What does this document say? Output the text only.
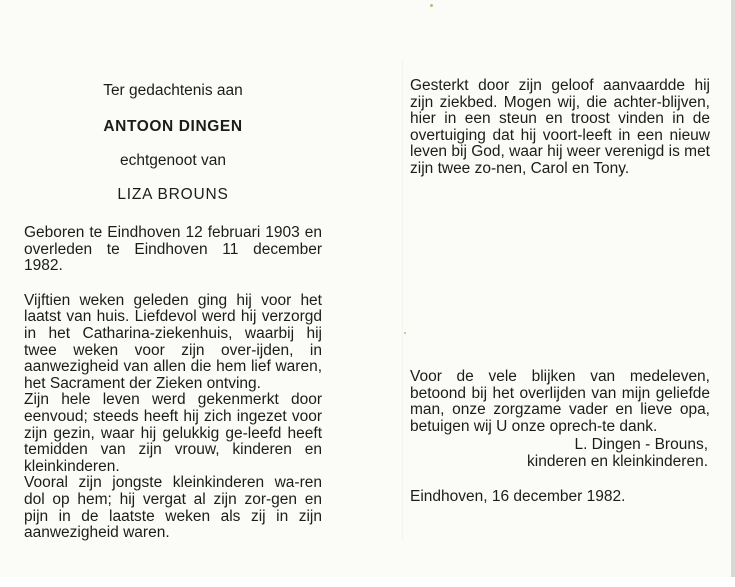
Ter gedachtenis aan
ANTOON DINGEN
echtgenoot van
LIZA BROUNS

Geboren te Eindhoven 12 februari 1903 en overleden te Eindhoven 11 december 1982.

Vijftien weken geleden ging hij voor het laatst van huis. Liefdevol werd hij verzorgd in het Catharina-ziekenhuis, waarbij hij twee weken voor zijn over-ijden, in aanwezigheid van allen die hem lief waren, het Sacrament der Zieken ontving.

Zijn hele leven werd gekenmerkt door eenvoud; steeds heeft hij zich ingezet voor zijn gezin, waar hij gelukkig ge-leefd heeft temidden van zijn vrouw, kinderen en kleinkinderen.

Vooral zijn jongste kleinkinderen wa-ren dol op hem; hij vergat al zijn zor-gen en pijn in de laatste weken als zij in zijn aanwezigheid waren.

Gesterkt door zijn geloof aanvaardde hij zijn ziekbed. Mogen wij, die achter-blijven, hier in een steun en troost vinden in de overtuiging dat hij voort-leeft in een nieuw leven bij God, waar hij weer verenigd is met zijn twee zo-nen, Carol en Tony.

Voor de vele blijken van medeleven, betoond bij het overlijden van mijn geliefde man, onze zorgzame vader en lieve opa, betuigen wij U onze oprech-te dank.

L. Dingen - Brouns,
kinderen en kleinkinderen.
Eindhoven, 16 december 1982.
